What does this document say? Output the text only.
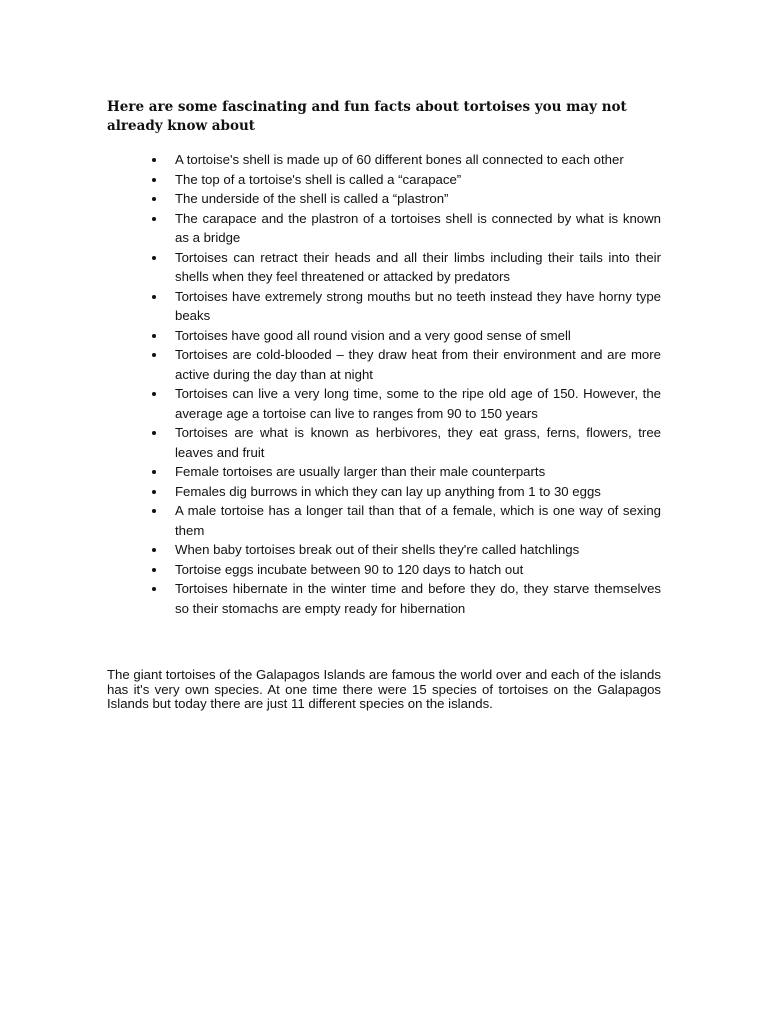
Here are some fascinating and fun facts about tortoises you may not already know about
A tortoise's shell is made up of 60 different bones all connected to each other
The top of a tortoise's shell is called a “carapace”
The underside of the shell is called a “plastron”
The carapace and the plastron of a tortoises shell is connected by what is known as a bridge
Tortoises can retract their heads and all their limbs including their tails into their shells when they feel threatened or attacked by predators
Tortoises have extremely strong mouths but no teeth instead they have horny type beaks
Tortoises have good all round vision and a very good sense of smell
Tortoises are cold-blooded – they draw heat from their environment and are more active during the day than at night
Tortoises can live a very long time, some to the ripe old age of 150. However, the average age a tortoise can live to ranges from 90 to 150 years
Tortoises are what is known as herbivores, they eat grass, ferns, flowers, tree leaves and fruit
Female tortoises are usually larger than their male counterparts
Females dig burrows in which they can lay up anything from 1 to 30 eggs
A male tortoise has a longer tail than that of a female, which is one way of sexing them
When baby tortoises break out of their shells they're called hatchlings
Tortoise eggs incubate between 90 to 120 days to hatch out
Tortoises hibernate in the winter time and before they do, they starve themselves so their stomachs are empty ready for hibernation

The giant tortoises of the Galapagos Islands are famous the world over and each of the islands has it's very own species. At one time there were 15 species of tortoises on the Galapagos Islands but today there are just 11 different species on the islands.
